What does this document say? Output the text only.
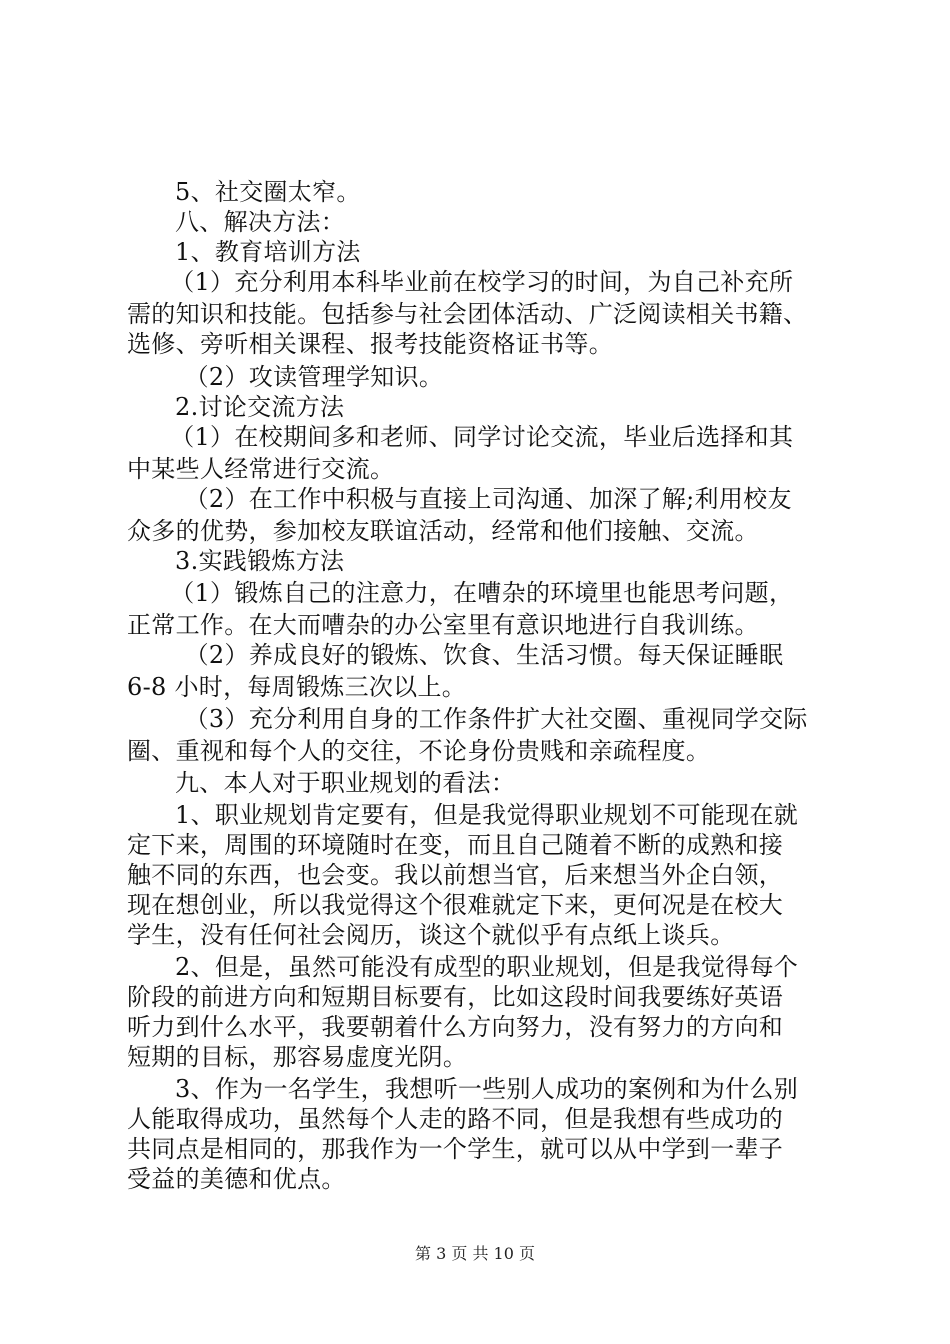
5、社交圈太窄。
八、解决方法：
1、教育培训方法
（1）充分利用本科毕业前在校学习的时间，为自己补充所
需的知识和技能。包括参与社会团体活动、广泛阅读相关书籍、
选修、旁听相关课程、报考技能资格证书等。
（2）攻读管理学知识。
2.讨论交流方法
（1）在校期间多和老师、同学讨论交流，毕业后选择和其
中某些人经常进行交流。
（2）在工作中积极与直接上司沟通、加深了解;利用校友
众多的优势，参加校友联谊活动，经常和他们接触、交流。
3.实践锻炼方法
（1）锻炼自己的注意力，在嘈杂的环境里也能思考问题，
正常工作。在大而嘈杂的办公室里有意识地进行自我训练。
（2）养成良好的锻炼、饮食、生活习惯。每天保证睡眠
6-8 小时，每周锻炼三次以上。
（3）充分利用自身的工作条件扩大社交圈、重视同学交际
圈、重视和每个人的交往，不论身份贵贱和亲疏程度。
九、本人对于职业规划的看法：
1、职业规划肯定要有，但是我觉得职业规划不可能现在就
定下来，周围的环境随时在变，而且自己随着不断的成熟和接
触不同的东西，也会变。我以前想当官，后来想当外企白领，
现在想创业，所以我觉得这个很难就定下来，更何况是在校大
学生，没有任何社会阅历，谈这个就似乎有点纸上谈兵。
2、但是，虽然可能没有成型的职业规划，但是我觉得每个
阶段的前进方向和短期目标要有，比如这段时间我要练好英语
听力到什么水平，我要朝着什么方向努力，没有努力的方向和
短期的目标，那容易虚度光阴。
3、作为一名学生，我想听一些别人成功的案例和为什么别
人能取得成功，虽然每个人走的路不同，但是我想有些成功的
共同点是相同的，那我作为一个学生，就可以从中学到一辈子
受益的美德和优点。
第 3 页 共 10 页
